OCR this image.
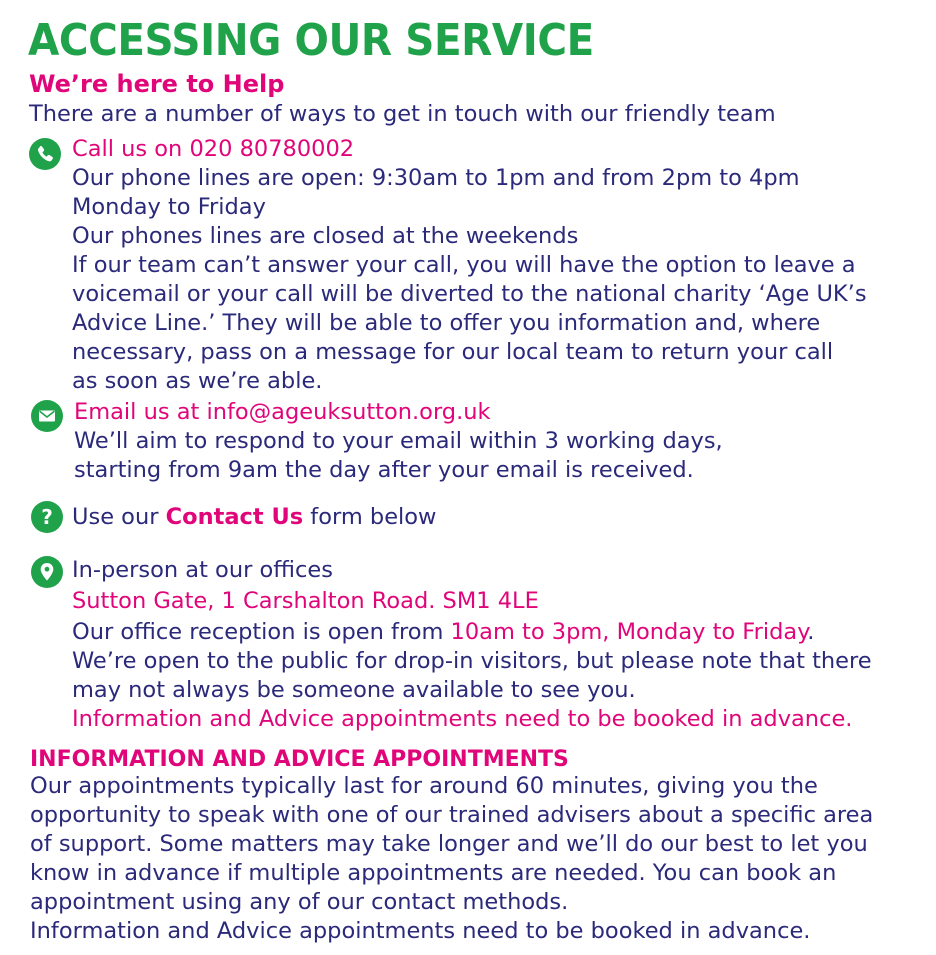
ACCESSING OUR SERVICE
We’re here to Help
There are a number of ways to get in touch with our friendly team
Call us on 020 80780002
Our phone lines are open: 9:30am to 1pm and from 2pm to 4pm
Monday to Friday
Our phones lines are closed at the weekends
If our team can’t answer your call, you will have the option to leave a
voicemail or your call will be diverted to the national charity ‘Age UK’s
Advice Line.’ They will be able to offer you information and, where
necessary, pass on a message for our local team to return your call
as soon as we’re able.
Email us at info@ageuksutton.org.uk
We’ll aim to respond to your email within 3 working days,
starting from 9am the day after your email is received.
? Use our Contact Us form below
In-person at our offices
Sutton Gate, 1 Carshalton Road. SM1 4LE
Our office reception is open from 10am to 3pm, Monday to Friday.
We’re open to the public for drop-in visitors, but please note that there
may not always be someone available to see you.
Information and Advice appointments need to be booked in advance.
INFORMATION AND ADVICE APPOINTMENTS
Our appointments typically last for around 60 minutes, giving you the
opportunity to speak with one of our trained advisers about a specific area
of support. Some matters may take longer and we’ll do our best to let you
know in advance if multiple appointments are needed. You can book an
appointment using any of our contact methods.
Information and Advice appointments need to be booked in advance.
